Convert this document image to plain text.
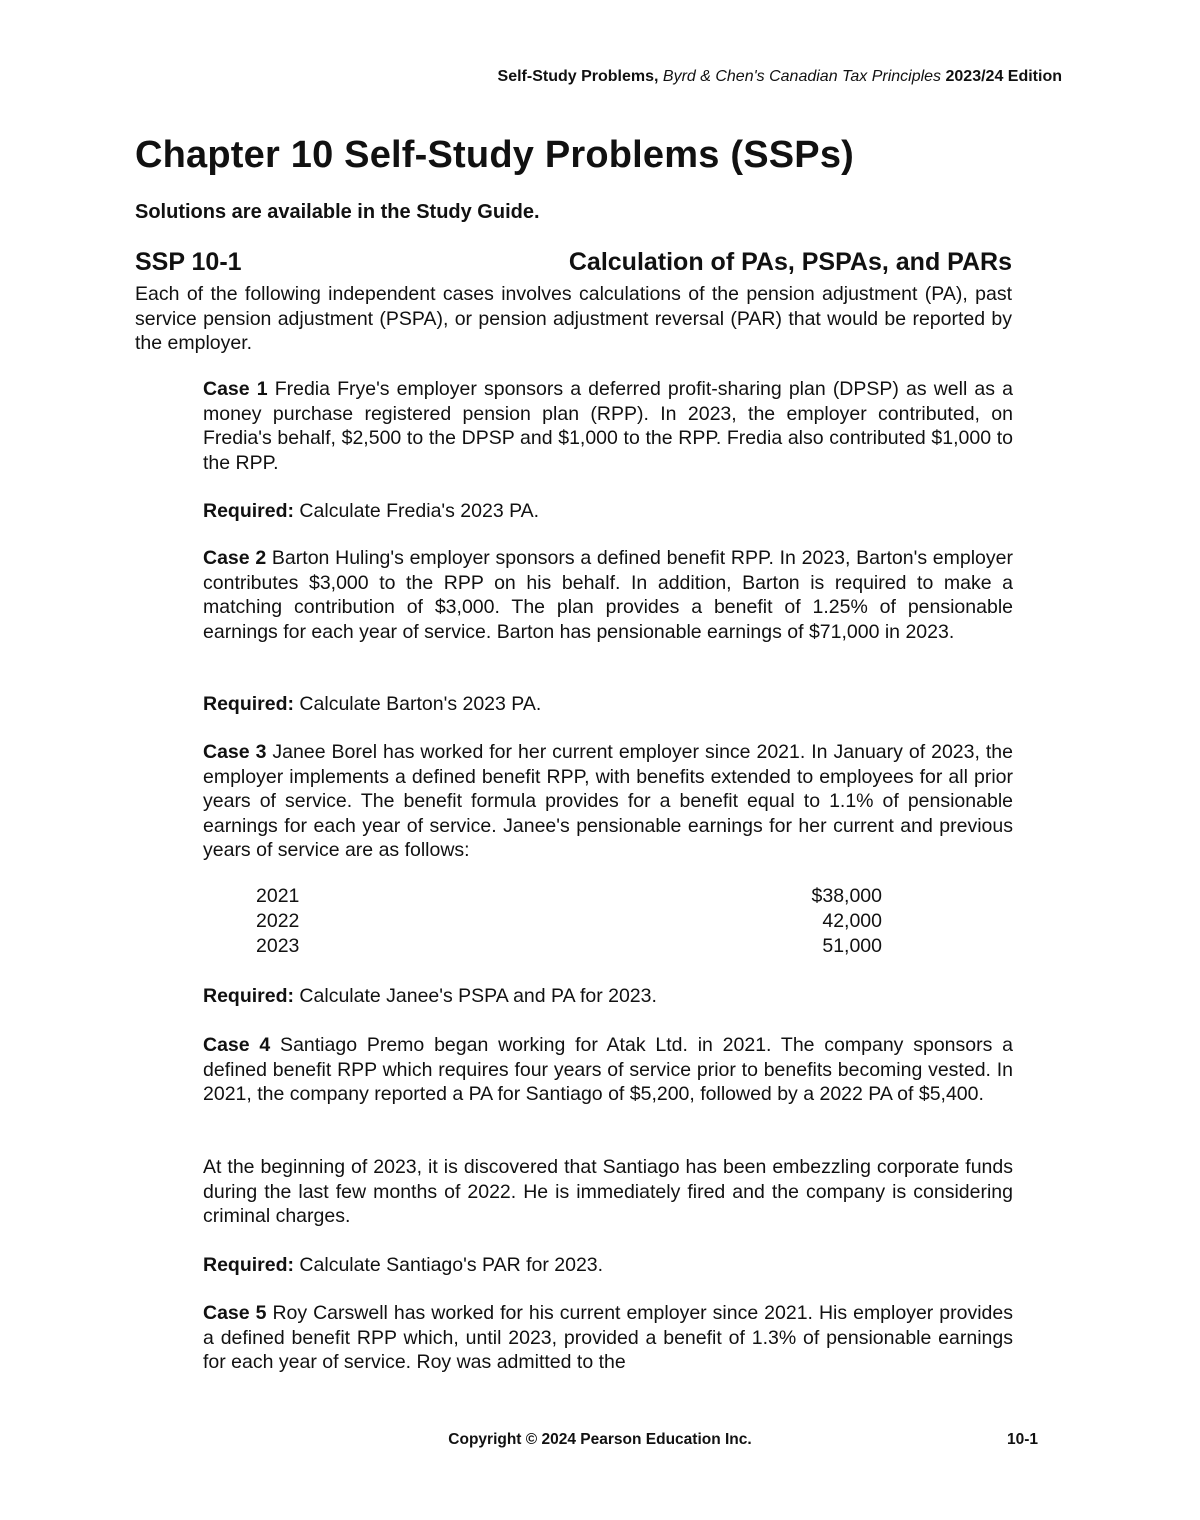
Self-Study Problems, Byrd & Chen's Canadian Tax Principles 2023/24 Edition
Chapter 10 Self-Study Problems (SSPs)

Solutions are available in the Study Guide.

SSP 10-1	Calculation of PAs, PSPAs, and PARs

Each of the following independent cases involves calculations of the pension adjustment (PA), past service pension adjustment (PSPA), or pension adjustment reversal (PAR) that would be reported by the employer.

Case 1 Fredia Frye's employer sponsors a deferred profit-sharing plan (DPSP) as well as a money purchase registered pension plan (RPP). In 2023, the employer contributed, on Fredia's behalf, $2,500 to the DPSP and $1,000 to the RPP. Fredia also contributed $1,000 to the RPP.

Required: Calculate Fredia's 2023 PA.

Case 2 Barton Huling's employer sponsors a defined benefit RPP. In 2023, Barton's employer contributes $3,000 to the RPP on his behalf. In addition, Barton is required to make a matching contribution of $3,000. The plan provides a benefit of 1.25% of pensionable earnings for each year of service. Barton has pensionable earnings of $71,000 in 2023.

Required: Calculate Barton's 2023 PA.

Case 3 Janee Borel has worked for her current employer since 2021. In January of 2023, the employer implements a defined benefit RPP, with benefits extended to employees for all prior years of service. The benefit formula provides for a benefit equal to 1.1% of pensionable earnings for each year of service. Janee's pensionable earnings for her current and previous years of service are as follows:

2021	$38,000
2022	42,000
2023	51,000

Required: Calculate Janee's PSPA and PA for 2023.

Case 4 Santiago Premo began working for Atak Ltd. in 2021. The company sponsors a defined benefit RPP which requires four years of service prior to benefits becoming vested. In 2021, the company reported a PA for Santiago of $5,200, followed by a 2022 PA of $5,400.

At the beginning of 2023, it is discovered that Santiago has been embezzling corporate funds during the last few months of 2022. He is immediately fired and the company is considering criminal charges.

Required: Calculate Santiago's PAR for 2023.

Case 5 Roy Carswell has worked for his current employer since 2021. His employer provides a defined benefit RPP which, until 2023, provided a benefit of 1.3% of pensionable earnings for each year of service. Roy was admitted to the

Copyright © 2024 Pearson Education Inc.	10-1
